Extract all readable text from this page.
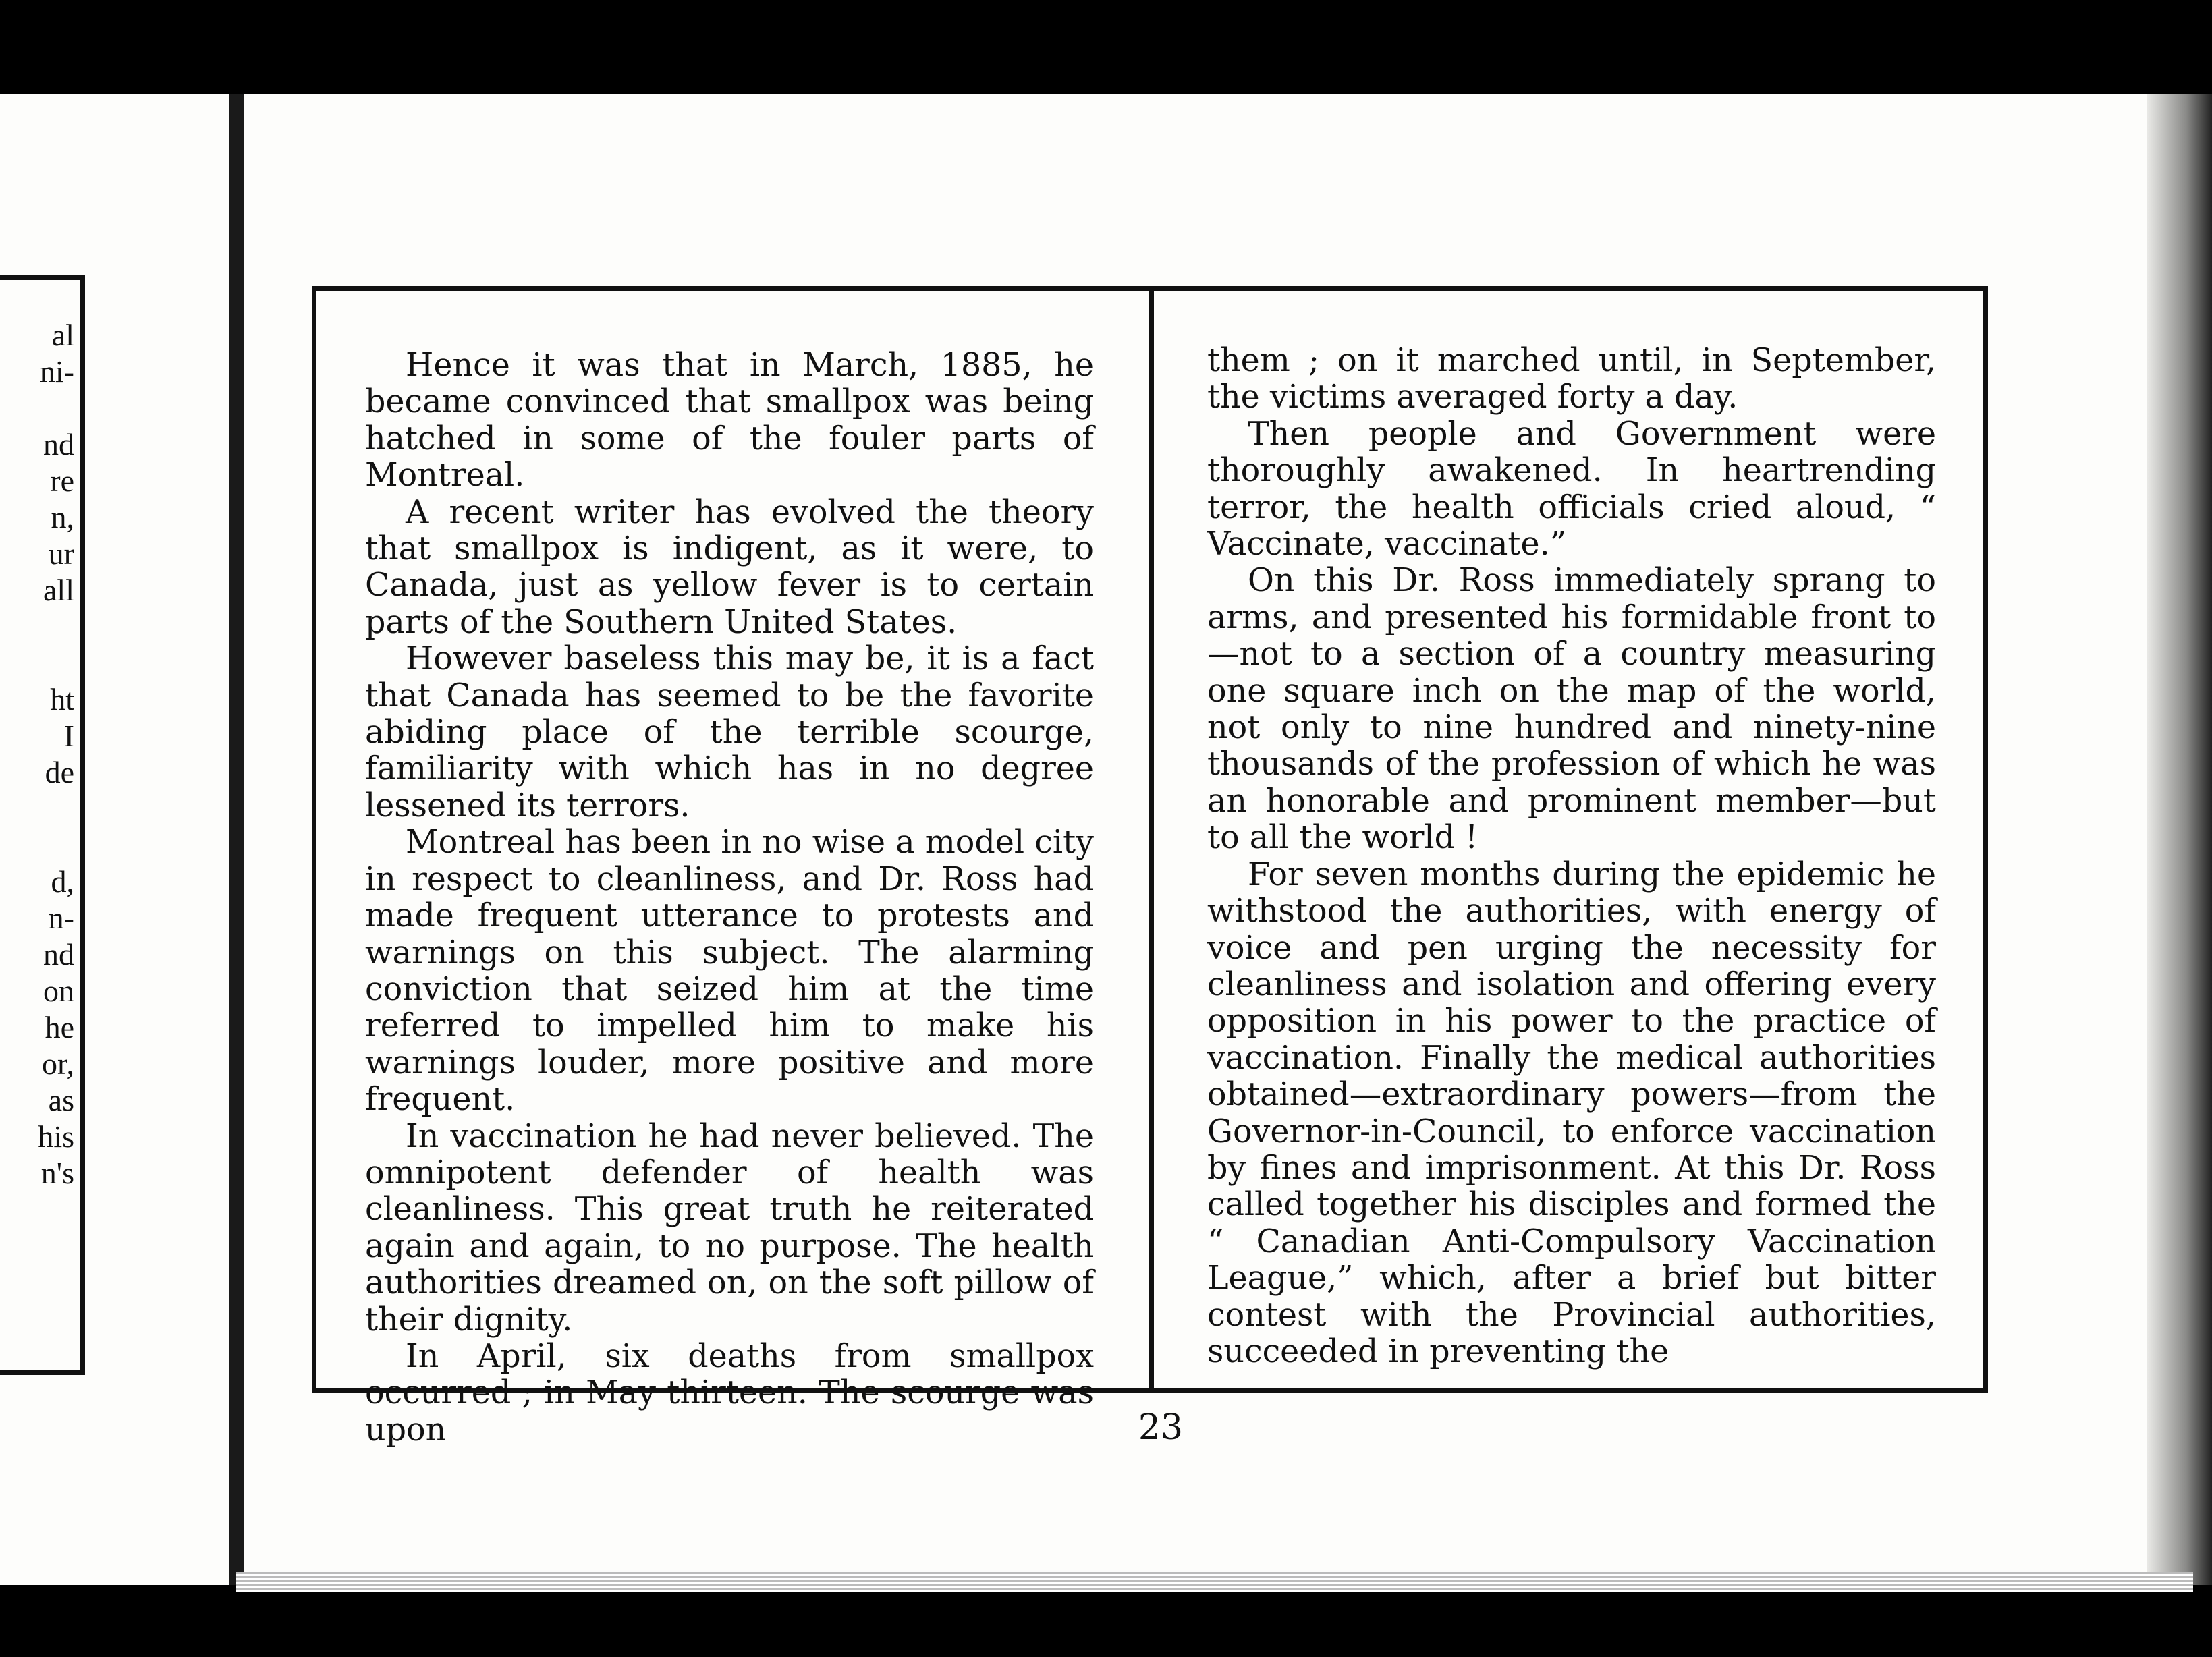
al
ni-
nd
re
n,
ur
all
ht
I
de
d,
n-
nd
on
he
or,
as
his
n's

Hence it was that in March, 1885, he became convinced that smallpox was being hatched in some of the fouler parts of Montreal.

A recent writer has evolved the theory that smallpox is indigent, as it were, to Canada, just as yellow fever is to certain parts of the Southern United States.

However baseless this may be, it is a fact that Canada has seemed to be the favorite abiding place of the terrible scourge, familiarity with which has in no degree lessened its terrors.

Montreal has been in no wise a model city in respect to cleanliness, and Dr. Ross had made frequent utterance to protests and warnings on this subject. The alarming conviction that seized him at the time referred to impelled him to make his warnings louder, more positive and more frequent.

In vaccination he had never believed. The omnipotent defender of health was cleanliness. This great truth he reiterated again and again, to no purpose. The health authorities dreamed on, on the soft pillow of their dignity.

In April, six deaths from smallpox occurred ; in May thirteen. The scourge was upon

them ; on it marched until, in September, the victims averaged forty a day.

Then people and Government were thoroughly awakened. In heartrending terror, the health officials cried aloud, “ Vaccinate, vaccinate.”

On this Dr. Ross immediately sprang to arms, and presented his formidable front to—not to a section of a country measuring one square inch on the map of the world, not only to nine hundred and ninety-nine thousands of the profession of which he was an honorable and prominent member—but to all the world !

For seven months during the epidemic he withstood the authorities, with energy of voice and pen urging the necessity for cleanliness and isolation and offering every opposition in his power to the practice of vaccination. Finally the medical authorities obtained—extraordinary powers—from the Governor-in-Council, to enforce vaccination by fines and imprisonment. At this Dr. Ross called together his disciples and formed the “ Canadian Anti-Compulsory Vaccination League,” which, after a brief but bitter contest with the Provincial authorities, succeeded in preventing the

23
